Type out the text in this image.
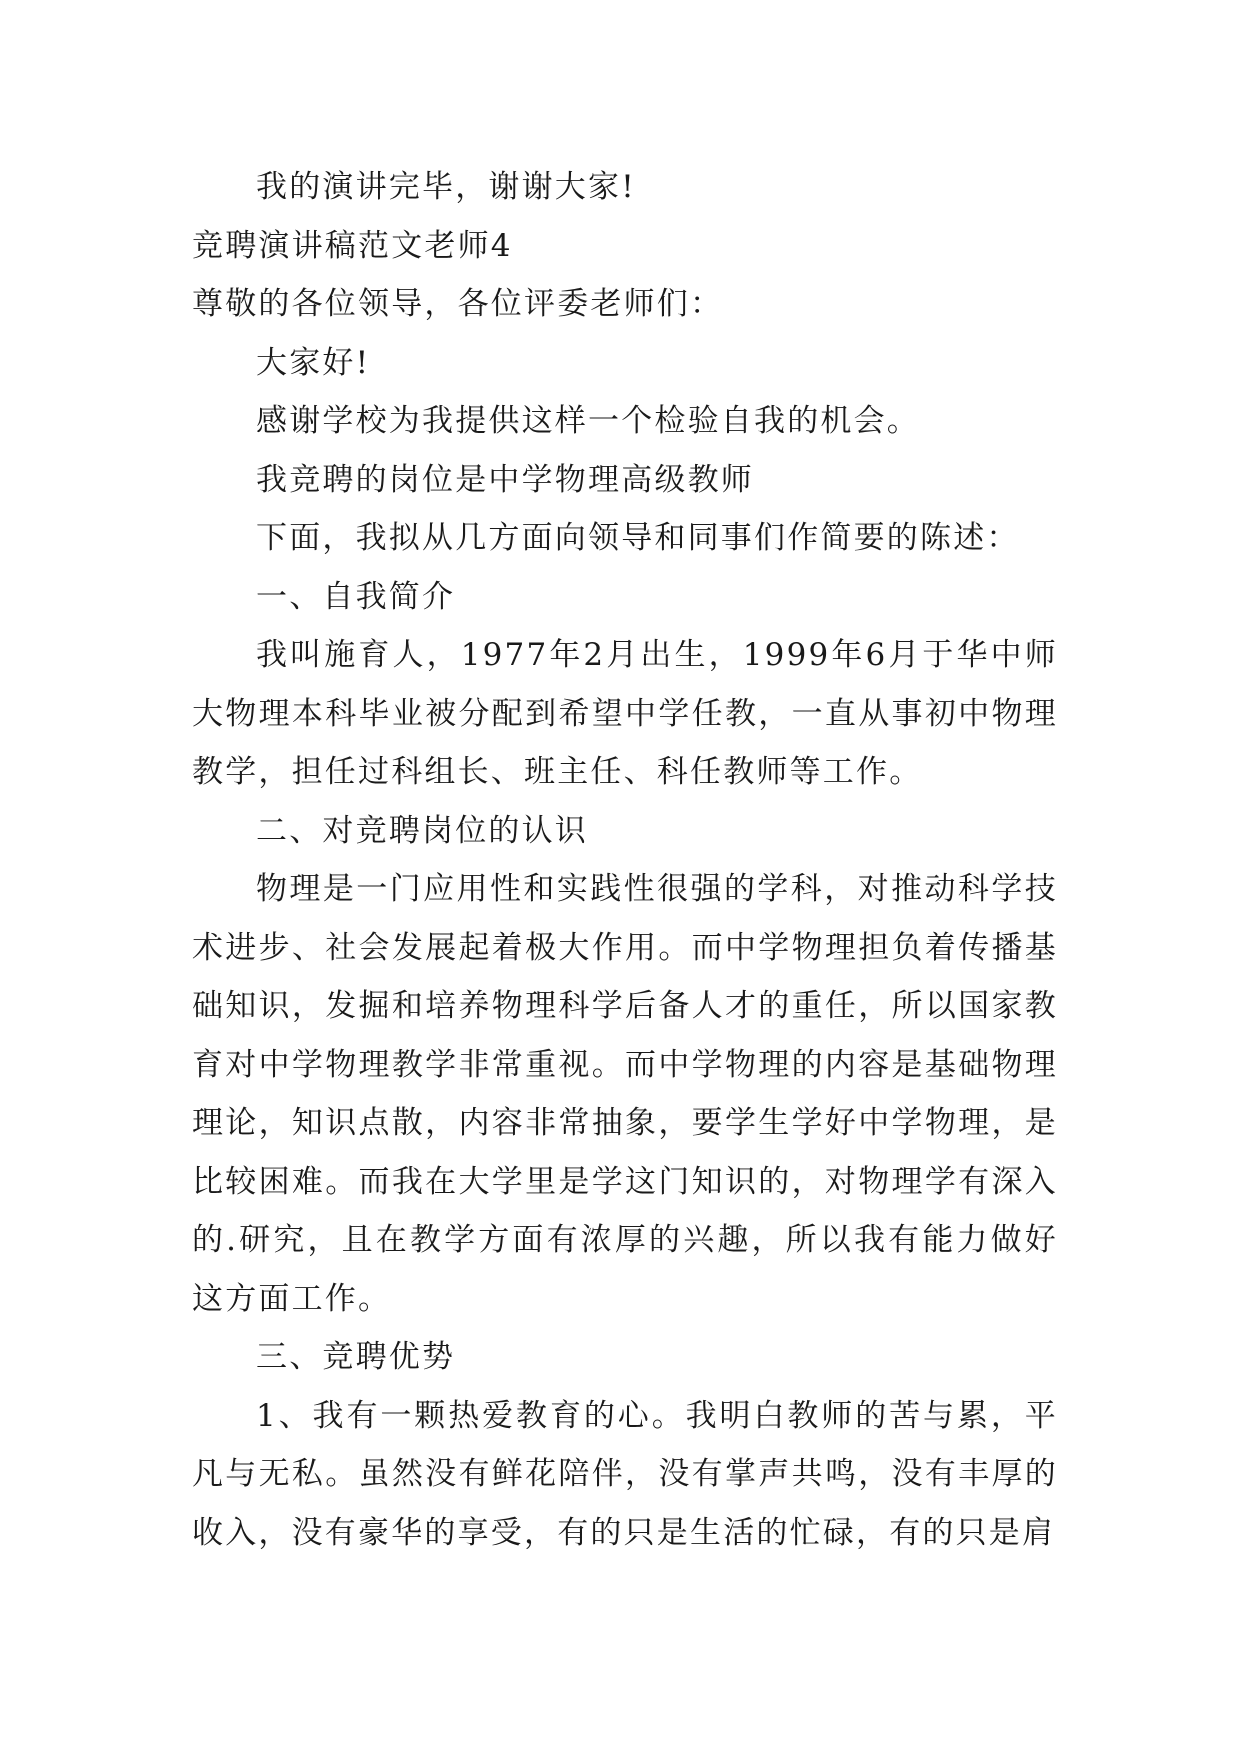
我的演讲完毕，谢谢大家!

竞聘演讲稿范文老师4

尊敬的各位领导，各位评委老师们：

大家好!

感谢学校为我提供这样一个检验自我的机会。

我竞聘的岗位是中学物理高级教师

下面，我拟从几方面向领导和同事们作简要的陈述：

一、自我简介

我叫施育人，1977年2月出生，1999年6月于华中师大物理本科毕业被分配到希望中学任教，一直从事初中物理教学，担任过科组长、班主任、科任教师等工作。

二、对竞聘岗位的认识

物理是一门应用性和实践性很强的学科，对推动科学技术进步、社会发展起着极大作用。而中学物理担负着传播基础知识，发掘和培养物理科学后备人才的重任，所以国家教育对中学物理教学非常重视。而中学物理的内容是基础物理理论，知识点散，内容非常抽象，要学生学好中学物理，是比较困难。而我在大学里是学这门知识的，对物理学有深入的.研究，且在教学方面有浓厚的兴趣，所以我有能力做好这方面工作。

三、竞聘优势

1、我有一颗热爱教育的心。我明白教师的苦与累，平凡与无私。虽然没有鲜花陪伴，没有掌声共鸣，没有丰厚的收入，没有豪华的享受，有的只是生活的忙碌，有的只是肩
